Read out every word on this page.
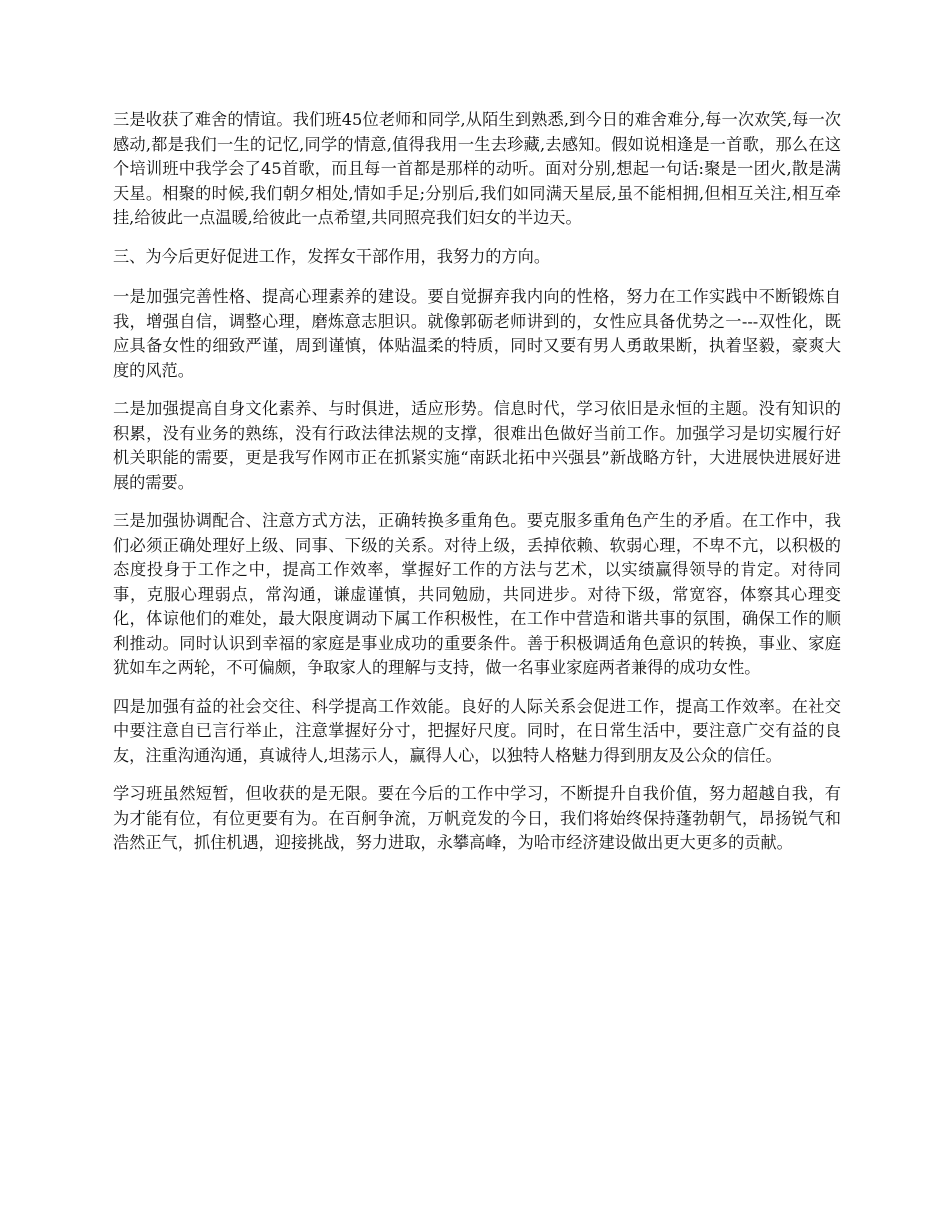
三是收获了难舍的情谊。我们班45位老师和同学,从陌生到熟悉,到今日的难舍难分,每一次欢笑,每一次感动,都是我们一生的记忆,同学的情意,值得我用一生去珍藏,去感知。假如说相逢是一首歌，那么在这个培训班中我学会了45首歌，而且每一首都是那样的动听。面对分别,想起一句话:聚是一团火,散是满天星。相聚的时候,我们朝夕相处,情如手足;分别后,我们如同满天星辰,虽不能相拥,但相互关注,相互牵挂,给彼此一点温暖,给彼此一点希望,共同照亮我们妇女的半边天。

三、为今后更好促进工作，发挥女干部作用，我努力的方向。

一是加强完善性格、提高心理素养的建设。要自觉摒弃我内向的性格，努力在工作实践中不断锻炼自我，增强自信，调整心理，磨炼意志胆识。就像郭砺老师讲到的，女性应具备优势之一---双性化，既应具备女性的细致严谨，周到谨慎，体贴温柔的特质，同时又要有男人勇敢果断，执着坚毅，豪爽大度的风范。

二是加强提高自身文化素养、与时俱进，适应形势。信息时代，学习依旧是永恒的主题。没有知识的积累，没有业务的熟练，没有行政法律法规的支撑，很难出色做好当前工作。加强学习是切实履行好机关职能的需要，更是我写作网市正在抓紧实施“南跃北拓中兴强县”新战略方针，大进展快进展好进展的需要。

三是加强协调配合、注意方式方法，正确转换多重角色。要克服多重角色产生的矛盾。在工作中，我们必须正确处理好上级、同事、下级的关系。对待上级，丢掉依赖、软弱心理，不卑不亢，以积极的态度投身于工作之中，提高工作效率，掌握好工作的方法与艺术，以实绩赢得领导的肯定。对待同事，克服心理弱点，常沟通，谦虚谨慎，共同勉励，共同进步。对待下级，常宽容，体察其心理变化，体谅他们的难处，最大限度调动下属工作积极性，在工作中营造和谐共事的氛围，确保工作的顺利推动。同时认识到幸福的家庭是事业成功的重要条件。善于积极调适角色意识的转换，事业、家庭犹如车之两轮，不可偏颇，争取家人的理解与支持，做一名事业家庭两者兼得的成功女性。

四是加强有益的社会交往、科学提高工作效能。良好的人际关系会促进工作，提高工作效率。在社交中要注意自已言行举止，注意掌握好分寸，把握好尺度。同时，在日常生活中，要注意广交有益的良友，注重沟通沟通，真诚待人,坦荡示人，赢得人心，以独特人格魅力得到朋友及公众的信任。

学习班虽然短暂，但收获的是无限。要在今后的工作中学习，不断提升自我价值，努力超越自我，有为才能有位，有位更要有为。在百舸争流，万帆竞发的今日，我们将始终保持蓬勃朝气，昂扬锐气和浩然正气，抓住机遇，迎接挑战，努力进取，永攀高峰，为哈市经济建设做出更大更多的贡献。
